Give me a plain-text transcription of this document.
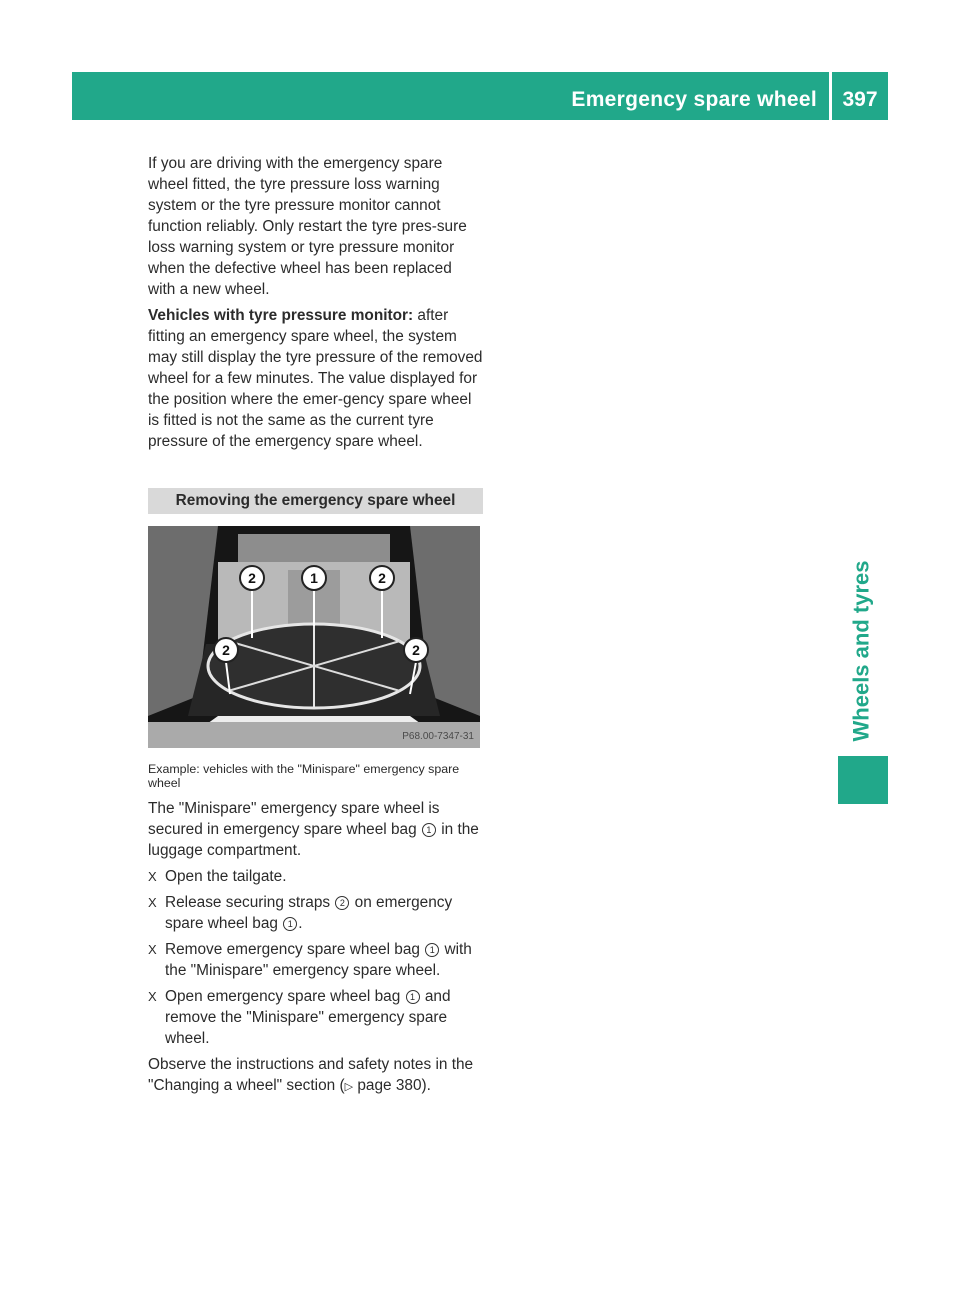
Emergency spare wheel	397
Wheels and tyres

If you are driving with the emergency spare wheel fitted, the tyre pressure loss warning system or the tyre pressure monitor cannot function reliably. Only restart the tyre pres-sure loss warning system or tyre pressure monitor when the defective wheel has been replaced with a new wheel.

Vehicles with tyre pressure monitor: after fitting an emergency spare wheel, the system may still display the tyre pressure of the removed wheel for a few minutes. The value displayed for the position where the emer-gency spare wheel is fitted is not the same as the current tyre pressure of the emergency spare wheel.

Removing the emergency spare wheel
2	1	2
2	2
P68.00-7347-31
Example: vehicles with the "Minispare" emergency spare wheel

The "Minispare" emergency spare wheel is secured in emergency spare wheel bag 1 in the luggage compartment.

X Open the tailgate.
X Release securing straps 2 on emergency spare wheel bag 1 .
X Remove emergency spare wheel bag 1 with the "Minispare" emergency spare wheel.
X Open emergency spare wheel bag 1 and remove the "Minispare" emergency spare wheel.

Observe the instructions and safety notes in the "Changing a wheel" section (▷ page 380).
